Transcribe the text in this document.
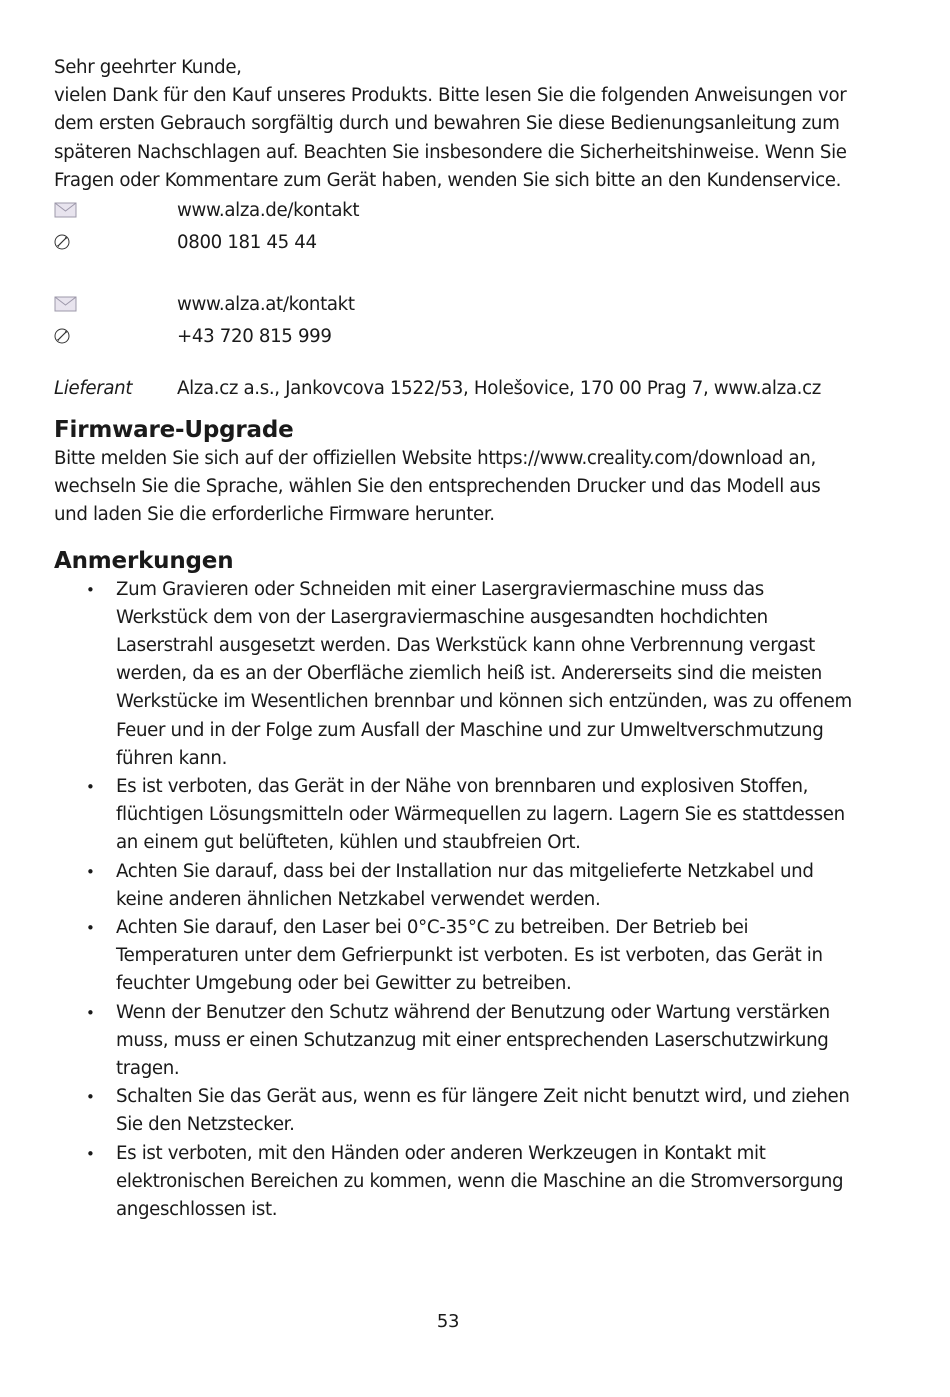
Sehr geehrter Kunde,

vielen Dank für den Kauf unseres Produkts. Bitte lesen Sie die folgenden Anweisungen vor dem ersten Gebrauch sorgfältig durch und bewahren Sie diese Bedienungsanleitung zum späteren Nachschlagen auf. Beachten Sie insbesondere die Sicherheitshinweise. Wenn Sie Fragen oder Kommentare zum Gerät haben, wenden Sie sich bitte an den Kundenservice.

www.alza.de/kontakt
0800 181 45 44
www.alza.at/kontakt
+43 720 815 999
Lieferant	Alza.cz a.s., Jankovcova 1522/53, Holešovice, 170 00 Prag 7, www.alza.cz
Firmware-Upgrade

Bitte melden Sie sich auf der offiziellen Website https://www.creality.com/download an, wechseln Sie die Sprache, wählen Sie den entsprechenden Drucker und das Modell aus und laden Sie die erforderliche Firmware herunter.

Anmerkungen
• Zum Gravieren oder Schneiden mit einer Lasergraviermaschine muss das Werkstück dem von der Lasergraviermaschine ausgesandten hochdichten Laserstrahl ausgesetzt werden. Das Werkstück kann ohne Verbrennung vergast werden, da es an der Oberfläche ziemlich heiß ist. Andererseits sind die meisten Werkstücke im Wesentlichen brennbar und können sich entzünden, was zu offenem Feuer und in der Folge zum Ausfall der Maschine und zur Umweltverschmutzung führen kann.
• Es ist verboten, das Gerät in der Nähe von brennbaren und explosiven Stoffen, flüchtigen Lösungsmitteln oder Wärmequellen zu lagern. Lagern Sie es stattdessen an einem gut belüfteten, kühlen und staubfreien Ort.
• Achten Sie darauf, dass bei der Installation nur das mitgelieferte Netzkabel und keine anderen ähnlichen Netzkabel verwendet werden.
• Achten Sie darauf, den Laser bei 0°C-35°C zu betreiben. Der Betrieb bei Temperaturen unter dem Gefrierpunkt ist verboten. Es ist verboten, das Gerät in feuchter Umgebung oder bei Gewitter zu betreiben.
• Wenn der Benutzer den Schutz während der Benutzung oder Wartung verstärken muss, muss er einen Schutzanzug mit einer entsprechenden Laserschutzwirkung tragen.
• Schalten Sie das Gerät aus, wenn es für längere Zeit nicht benutzt wird, und ziehen Sie den Netzstecker.
• Es ist verboten, mit den Händen oder anderen Werkzeugen in Kontakt mit elektronischen Bereichen zu kommen, wenn die Maschine an die Stromversorgung angeschlossen ist.
53
